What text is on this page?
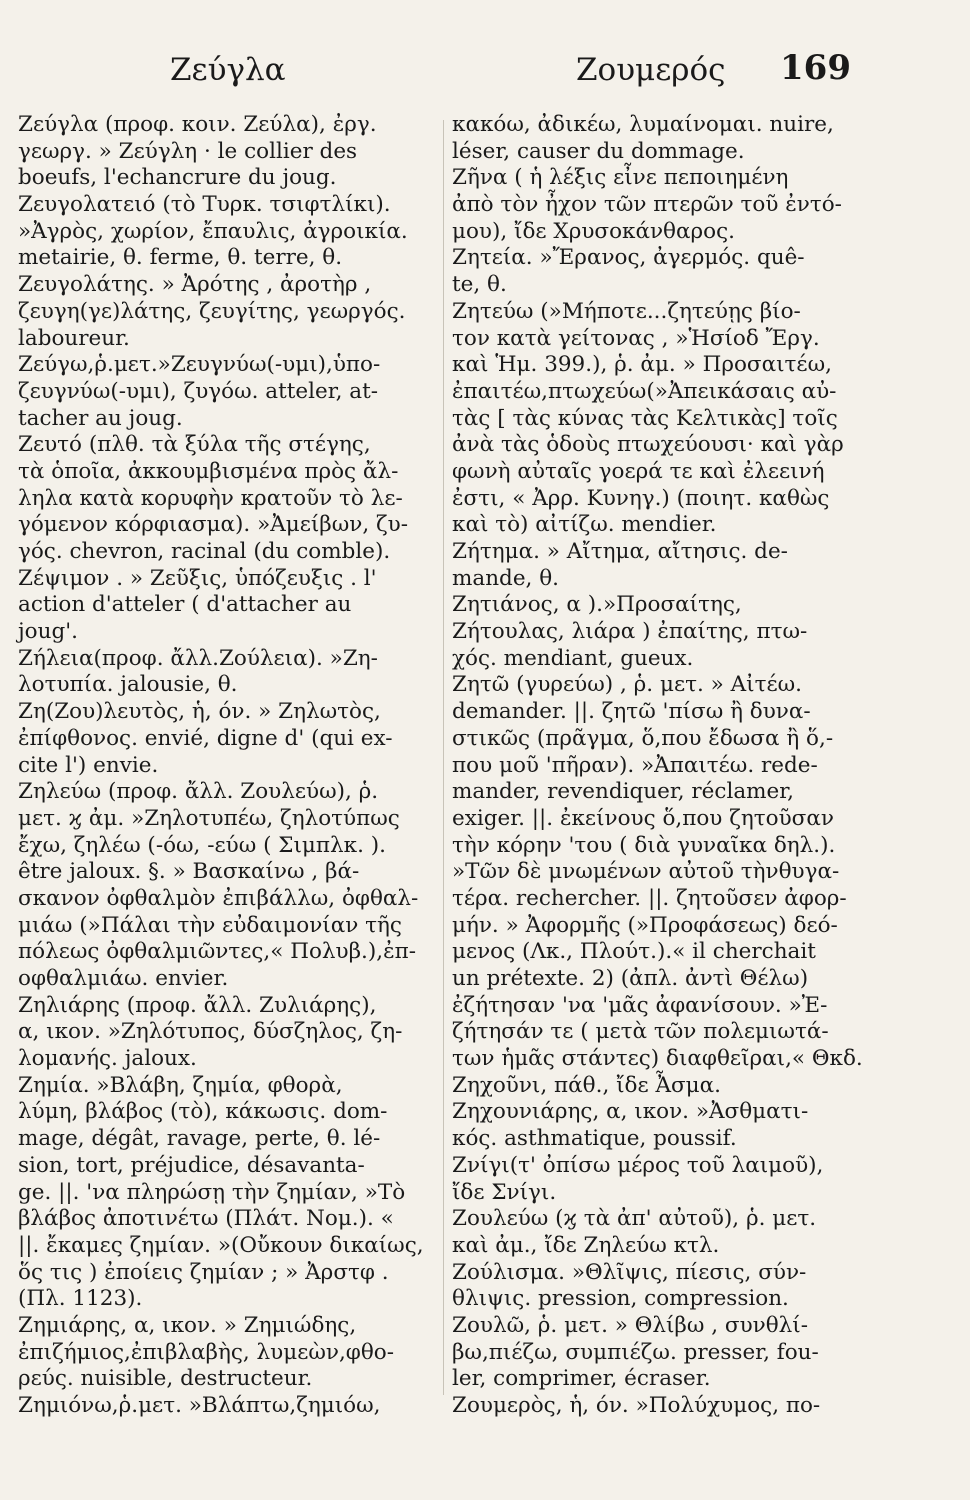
Ζεύγλα	Ζουμερός 169
Ζεύγλα (προφ. κοιν. Ζεύλα), ἐργ.
γεωργ. » Ζεύγλη · le collier des
boeufs, l'echancrure du joug.
Ζευγολατειό (τὸ Τυρκ. τσιφτλίκι).
»Ἀγρὸς, χωρίον, ἔπαυλις, ἀγροικία.
metairie, θ. ferme, θ. terre, θ.
Ζευγολάτης. » Ἀρότης , ἀροτὴρ ,
ζευγη(γε)λάτης, ζευγίτης, γεωργός.
laboureur.
Ζεύγω,ῥ.μετ.»Ζευγνύω(-υμι),ὑπο-
ζευγνύω(-υμι), ζυγόω. atteler, at-
tacher au joug.
Ζευτό (πλθ. τὰ ξύλα τῆς στέγης,
τὰ ὁποῖα, ἀκκουμβισμένα πρὸς ἄλ-
ληλα κατὰ κορυφὴν κρατοῦν τὸ λε-
γόμενον κόρφιασμα). »Ἀμείβων, ζυ-
γός. chevron, racinal (du comble).
Ζέψιμον . » Ζεῦξις, ὑπόζευξις . l'
action d'atteler ( d'attacher au
joug'.
Ζήλεια(προφ. ἄλλ.Ζούλεια). »Ζη-
λοτυπία. jalousie, θ.
Ζη(Ζου)λευτὸς, ἡ, όν. » Ζηλωτὸς,
ἐπίφθονος. envié, digne d' (qui ex-
cite l') envie.
Ζηλεύω (προφ. ἄλλ. Ζουλεύω), ῥ.
μετ. ϗ ἀμ. »Ζηλοτυπέω, ζηλοτύπως
ἔχω, ζηλέω (-όω, -εύω ( Σιμπλκ. ).
être jaloux. §. » Βασκαίνω , βά-
σκανον ὀφθαλμὸν ἐπιβάλλω, ὀφθαλ-
μιάω (»Πάλαι τὴν εὐδαιμονίαν τῆς
πόλεως ὀφθαλμιῶντες,« Πολυβ.),ἐπ-
οφθαλμιάω. envier.
Ζηλιάρης (προφ. ἄλλ. Ζυλιάρης),
α, ικον. »Ζηλότυπος, δύσζηλος, ζη-
λομανής. jaloux.
Ζημία. »Βλάβη, ζημία, φθορὰ,
λύμη, βλάβος (τὸ), κάκωσις. dom-
mage, dégât, ravage, perte, θ. lé-
sion, tort, préjudice, désavanta-
ge. ||. 'να πληρώσῃ τὴν ζημίαν, »Τὸ
βλάβος ἀποτινέτω (Πλάτ. Νομ.). «
||. ἔκαμες ζημίαν. »(Οὔκουν δικαίως,
ὅς τις ) ἐποίεις ζημίαν ; » Ἀρστφ .
(Πλ. 1123).
Ζημιάρης, α, ικον. » Ζημιώδης,
ἐπιζήμιος,ἐπιβλαβὴς, λυμεὼν,φθο-
ρεύς. nuisible, destructeur.
Ζημιόνω,ῥ.μετ. »Βλάπτω,ζημιόω,
κακόω, ἀδικέω, λυμαίνομαι. nuire,
léser, causer du dommage.
Ζῆνα ( ἡ λέξις εἶνε πεποιημένη
ἀπὸ τὸν ἦχον τῶν πτερῶν τοῦ ἐντό-
μου), ἴδε Χρυσοκάνθαρος.
Ζητεία. »Ἔρανος, ἀγερμός. quê-
te, θ.
Ζητεύω (»Μήποτε...ζητεύῃς βίο-
τον κατὰ γείτονας , »Ἡσίοδ Ἔργ.
καὶ Ἡμ. 399.), ῥ. ἀμ. » Προσαιτέω,
ἐπαιτέω,πτωχεύω(»Ἀπεικάσαις αὐ-
τὰς [ τὰς κύνας τὰς Κελτικὰς] τοῖς
ἀνὰ τὰς ὁδοὺς πτωχεύουσι· καὶ γὰρ
φωνὴ αὐταῖς γοερά τε καὶ ἐλεεινή
ἐστι, « Ἀρρ. Κυνηγ.) (ποιητ. καθὼς
καὶ τὸ) αἰτίζω. mendier.
Ζήτημα. » Αἴτημα, αἴτησις. de-
mande, θ.
Ζητιάνος, α ).»Προσαίτης,
Ζήτουλας, λιάρα ) ἐπαίτης, πτω-
χός. mendiant, gueux.
Ζητῶ (γυρεύω) , ῥ. μετ. » Αἰτέω.
demander. ||. ζητῶ 'πίσω ἢ δυνα-
στικῶς (πρᾶγμα, ὅ,που ἔδωσα ἢ ὅ,-
που μοῦ 'πῆραν). »Ἀπαιτέω. rede-
mander, revendiquer, réclamer,
exiger. ||. ἐκείνους ὅ,που ζητοῦσαν
τὴν κόρην 'του ( διὰ γυναῖκα δηλ.).
»Τῶν δὲ μνωμένων αὐτοῦ τὴνθυγα-
τέρα. rechercher. ||. ζητοῦσεν ἀφορ-
μήν. » Ἀφορμῆς (»Προφάσεως) δεό-
μενος (Λκ., Πλούτ.).« il cherchait
un prétexte. 2) (ἀπλ. ἀντὶ Θέλω)
ἐζήτησαν 'να 'μᾶς ἀφανίσουν. »Ἐ-
ζήτησάν τε ( μετὰ τῶν πολεμιωτά-
των ἡμᾶς στάντες) διαφθεῖραι,« Θκδ.
Ζηχοῦνι, πάθ., ἴδε Ἆσμα.
Ζηχουνιάρης, α, ικον. »Ἀσθματι-
κός. asthmatique, poussif.
Ζνίγι(τ' ὀπίσω μέρος τοῦ λαιμοῦ),
ἴδε Σνίγι.
Ζουλεύω (ϗ τὰ ἀπ' αὐτοῦ), ῥ. μετ.
καὶ ἀμ., ἴδε Ζηλεύω κτλ.
Ζούλισμα. »Θλῖψις, πίεσις, σύν-
θλιψις. pression, compression.
Ζουλῶ, ῥ. μετ. » Θλίβω , συνθλί-
βω,πιέζω, συμπιέζω. presser, fou-
ler, comprimer, écraser.
Ζουμερὸς, ἡ, όν. »Πολύχυμος, πο-
